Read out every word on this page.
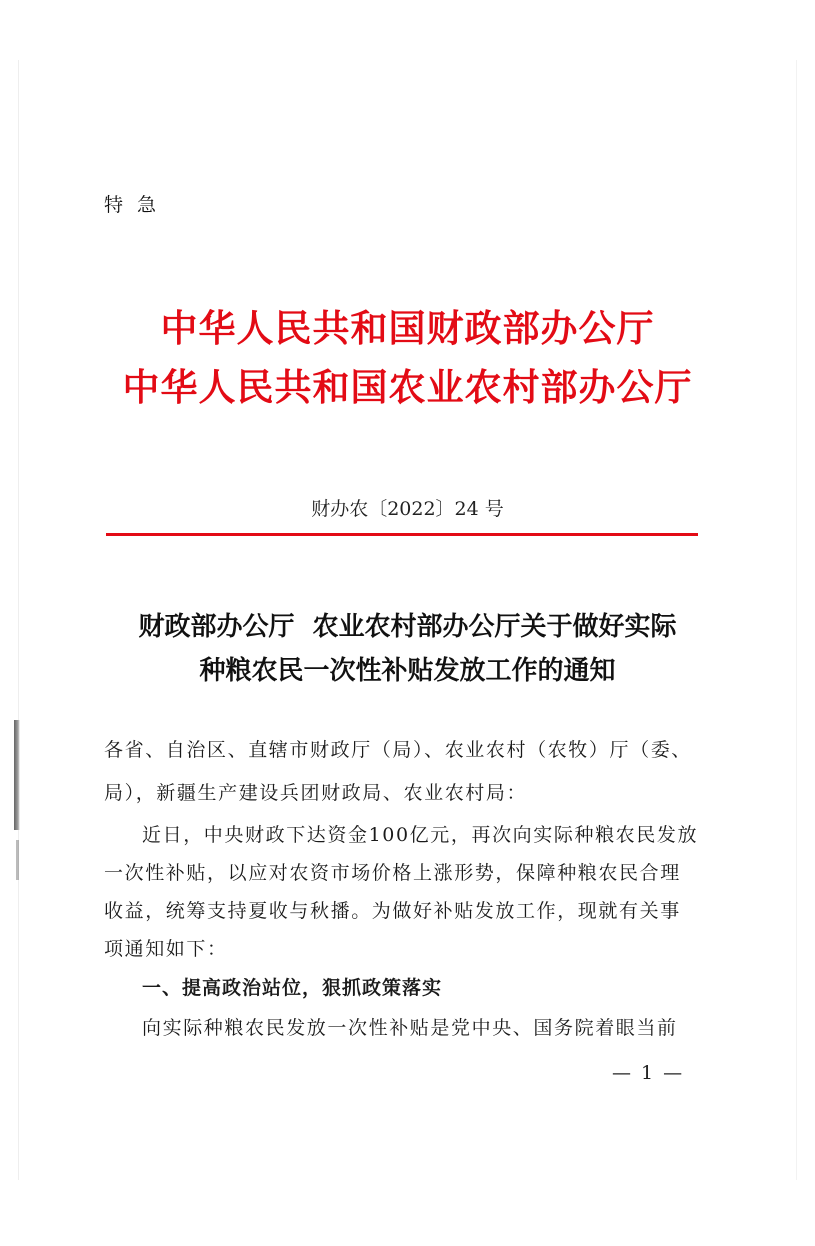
特急
中华人民共和国财政部办公厅
中华人民共和国农业农村部办公厅
财办农〔2022〕24 号
财政部办公厅  农业农村部办公厅关于做好实际
种粮农民一次性补贴发放工作的通知
各省、自治区、直辖市财政厅（局）、农业农村（农牧）厅（委、
局），新疆生产建设兵团财政局、农业农村局：
近日，中央财政下达资金100亿元，再次向实际种粮农民发放
一次性补贴，以应对农资市场价格上涨形势，保障种粮农民合理
收益，统筹支持夏收与秋播。为做好补贴发放工作，现就有关事
项通知如下：
一、提高政治站位，狠抓政策落实
向实际种粮农民发放一次性补贴是党中央、国务院着眼当前
— 1 —
